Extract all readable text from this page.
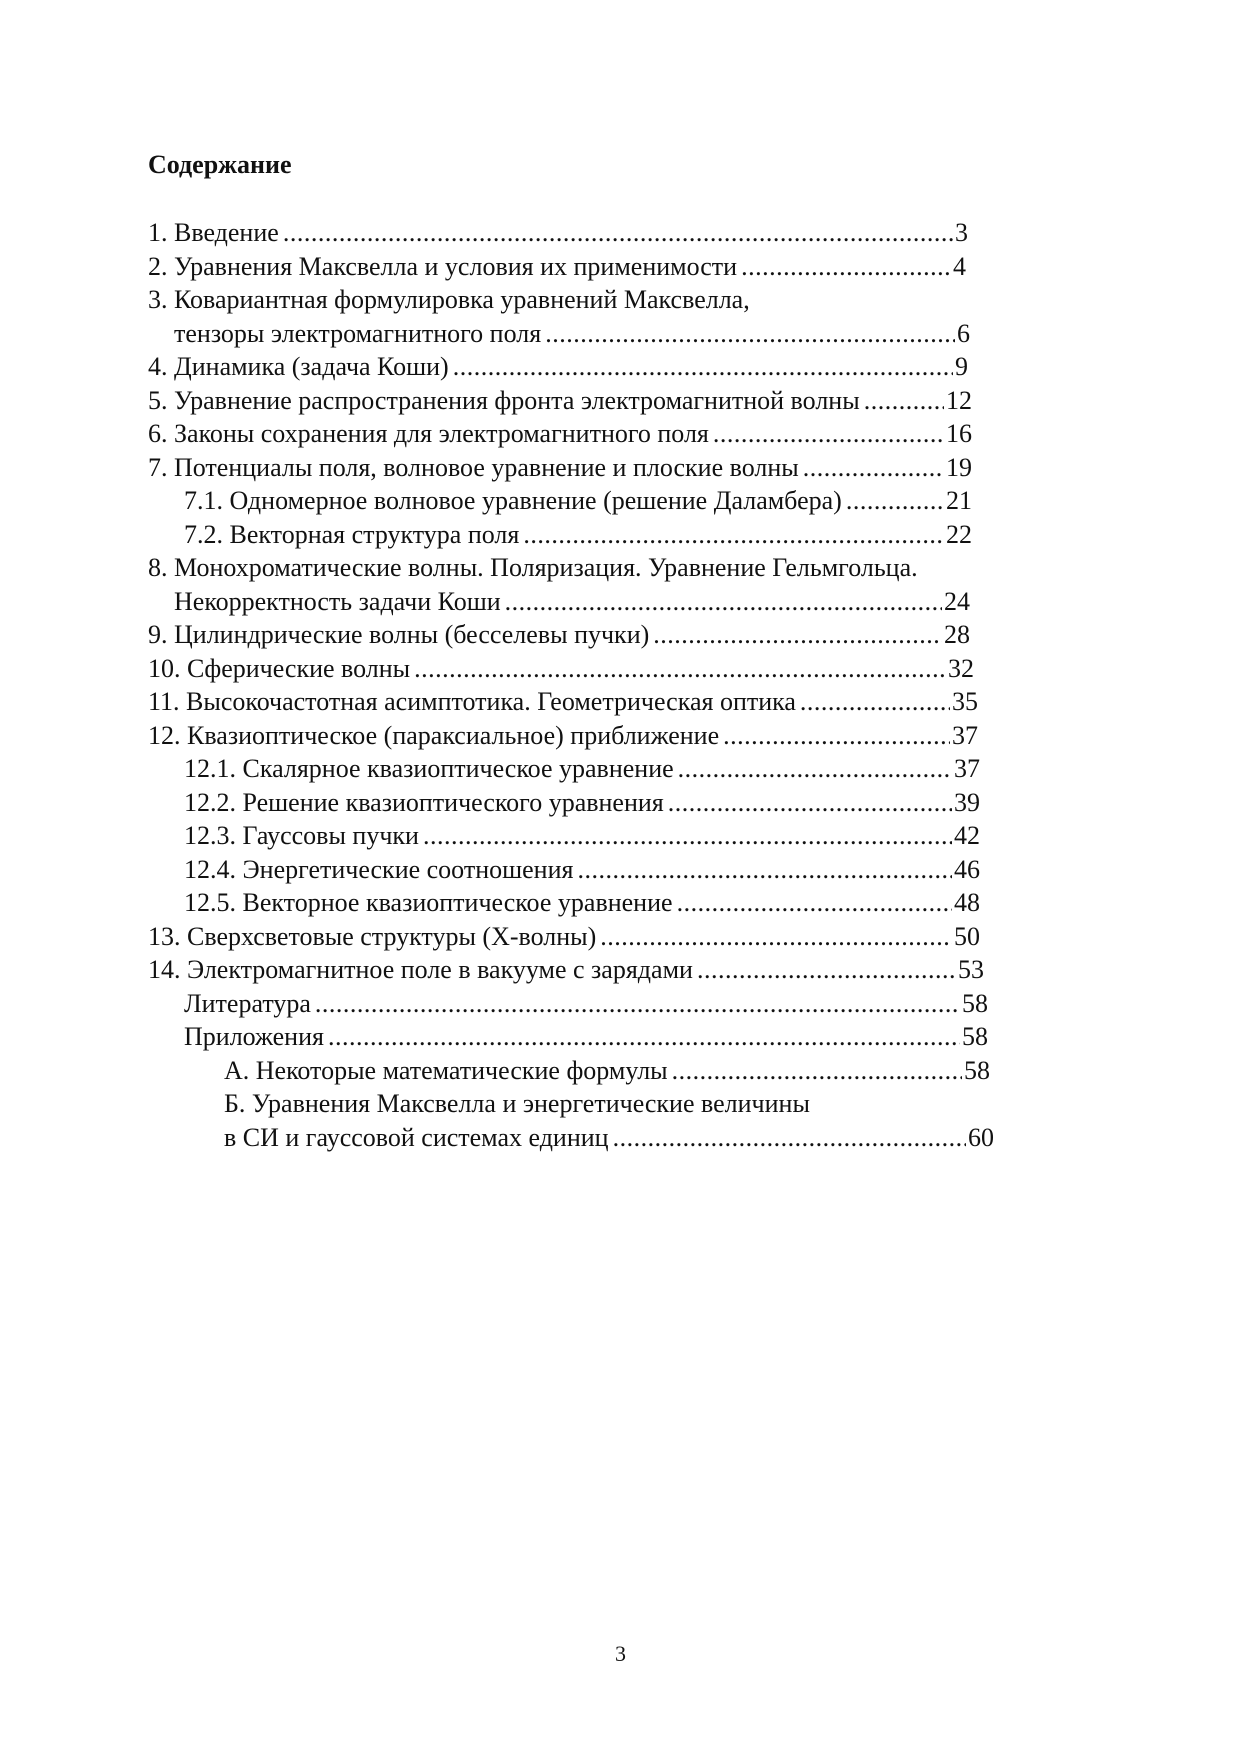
Содержание
1. Введение .....	3
2. Уравнения Максвелла и условия их применимости .....	4
3. Ковариантная формулировка уравнений Максвелла,
тензоры электромагнитного поля .....	6
4. Динамика (задача Коши) .....	9
5. Уравнение распространения фронта электромагнитной волны .....	12
6. Законы сохранения для электромагнитного поля .....	16
7. Потенциалы поля, волновое уравнение и плоские волны .....	19
7.1. Одномерное волновое уравнение (решение Даламбера) .....	21
7.2. Векторная структура поля .....	22
8. Монохроматические волны. Поляризация. Уравнение Гельмгольца.
Некорректность задачи Коши .....	24
9. Цилиндрические волны (бесселевы пучки) .....	28
10. Сферические волны .....	32
11. Высокочастотная асимптотика. Геометрическая оптика .....	35
12. Квазиоптическое (параксиальное) приближение .....	37
12.1. Скалярное квазиоптическое уравнение .....	37
12.2. Решение квазиоптического уравнения .....	39
12.3. Гауссовы пучки .....	42
12.4. Энергетические соотношения .....	46
12.5. Векторное квазиоптическое уравнение .....	48
13. Сверхсветовые структуры (Х-волны) .....	50
14. Электромагнитное поле в вакууме с зарядами .....	53
Литература .....	58
Приложения .....	58
А. Некоторые математические формулы .....	58
Б. Уравнения Максвелла и энергетические величины
в СИ и гауссовой системах единиц .....	60
3
